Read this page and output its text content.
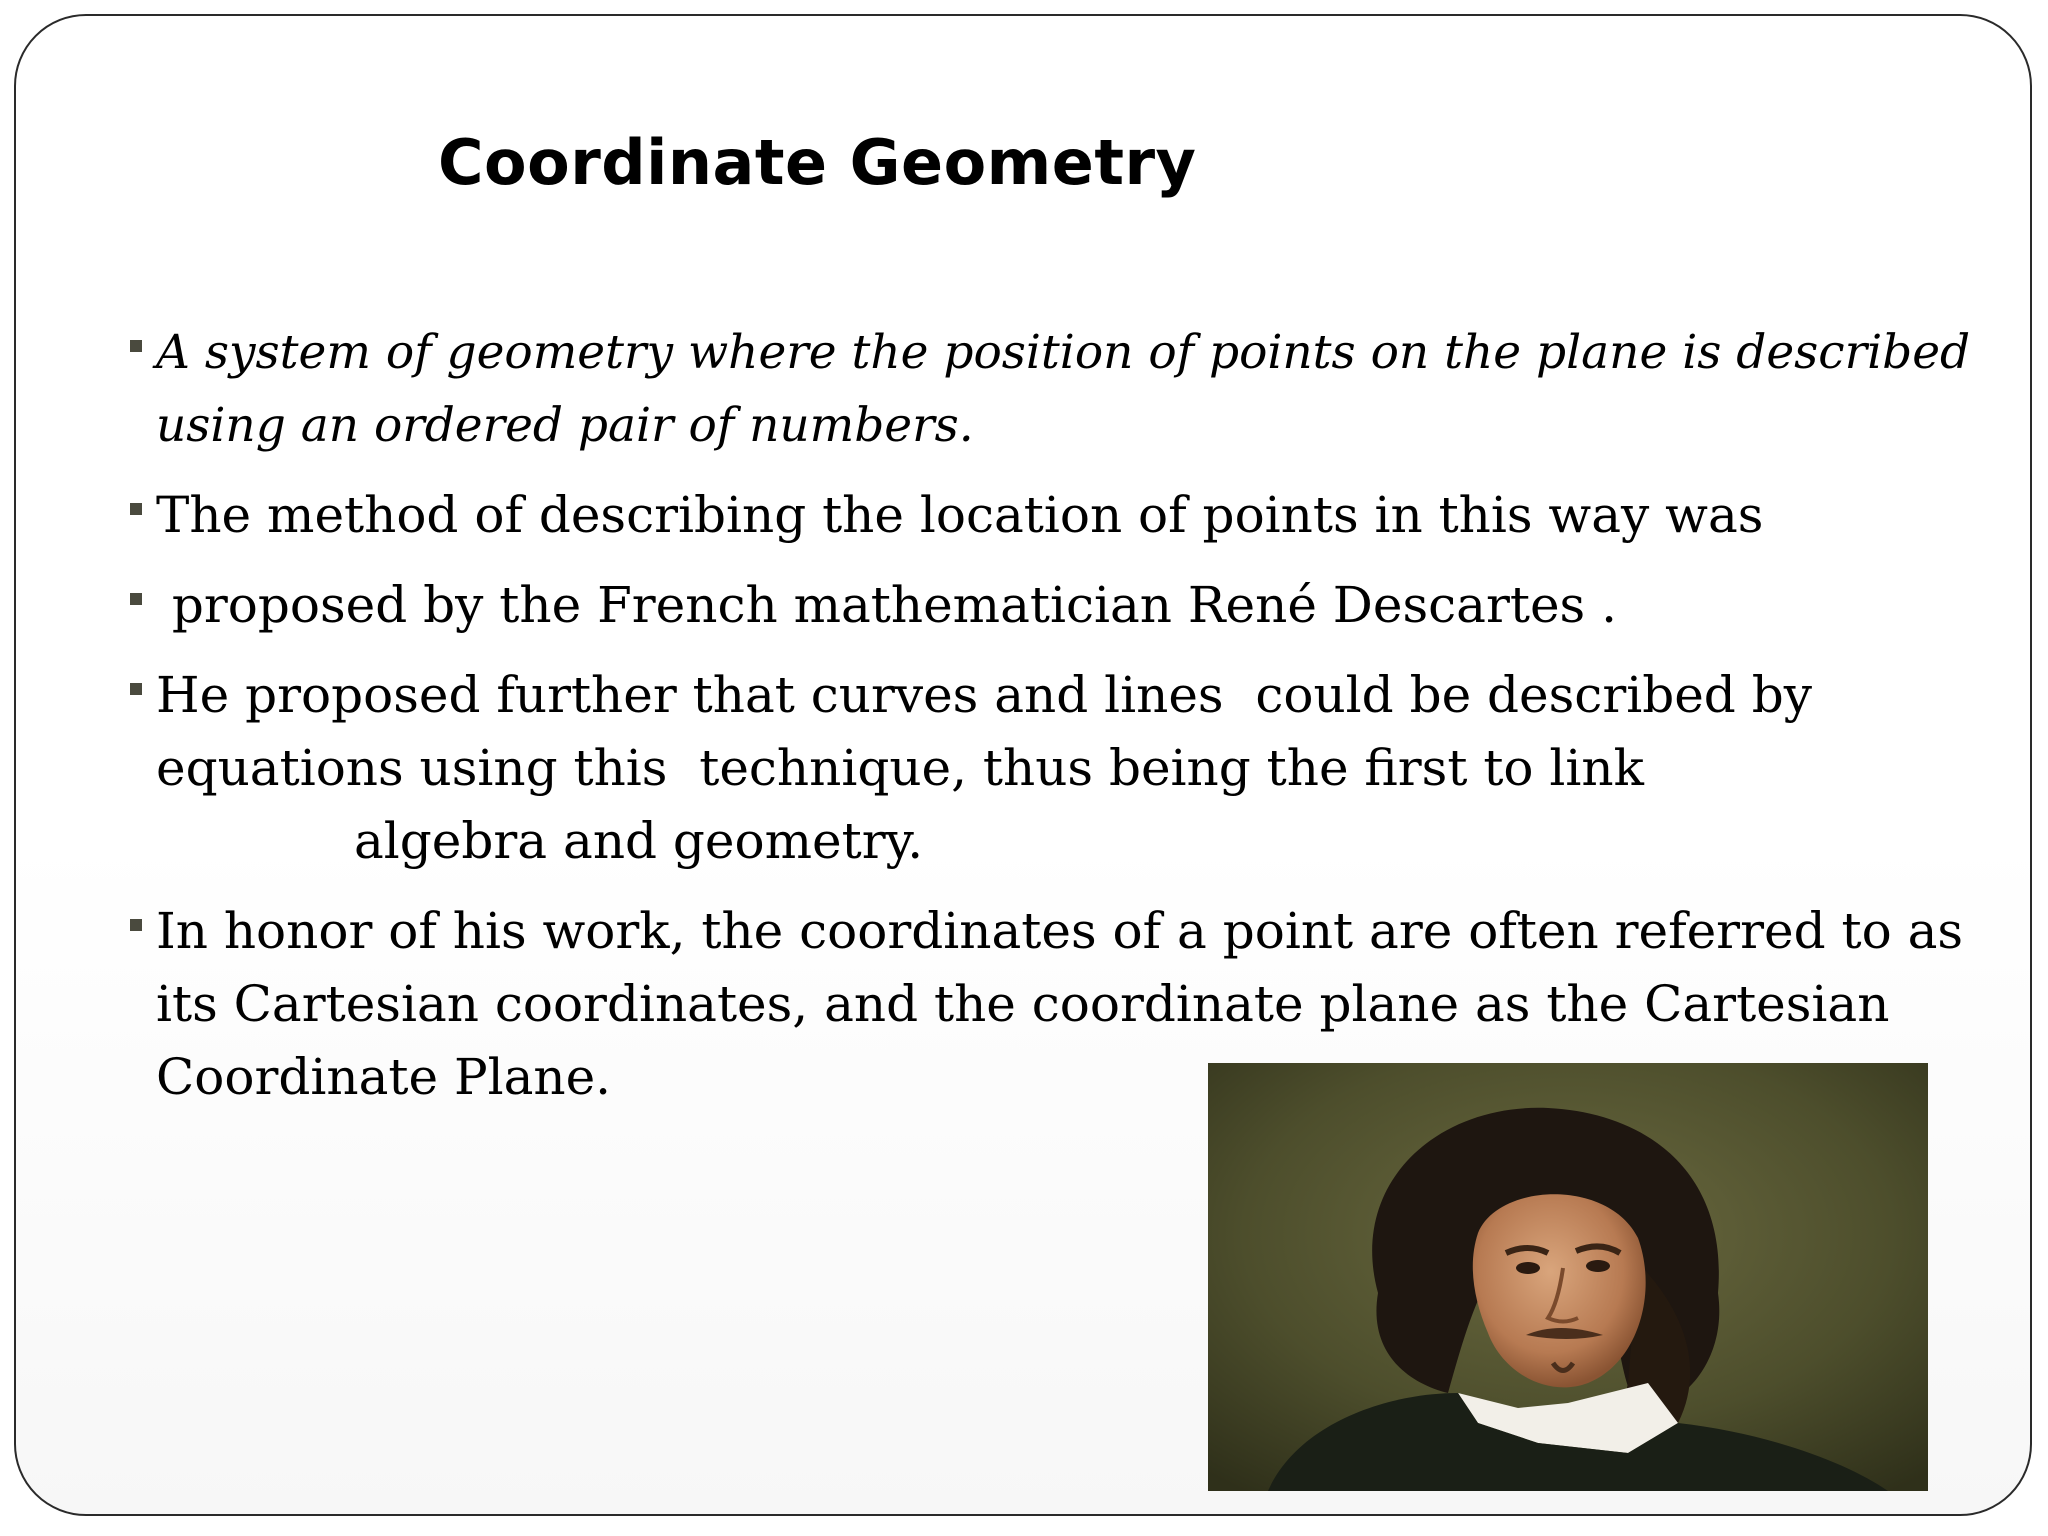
Coordinate Geometry
A system of geometry where the position of points on the plane is described
using an ordered pair of numbers.
The method of describing the location of points in this way was
proposed by the French mathematician René Descartes .
He proposed further that curves and lines  could be described by
equations using this  technique, thus being the first to link
algebra and geometry.
In honor of his work, the coordinates of a point are often referred to as
its Cartesian coordinates, and the coordinate plane as the Cartesian
Coordinate Plane.
